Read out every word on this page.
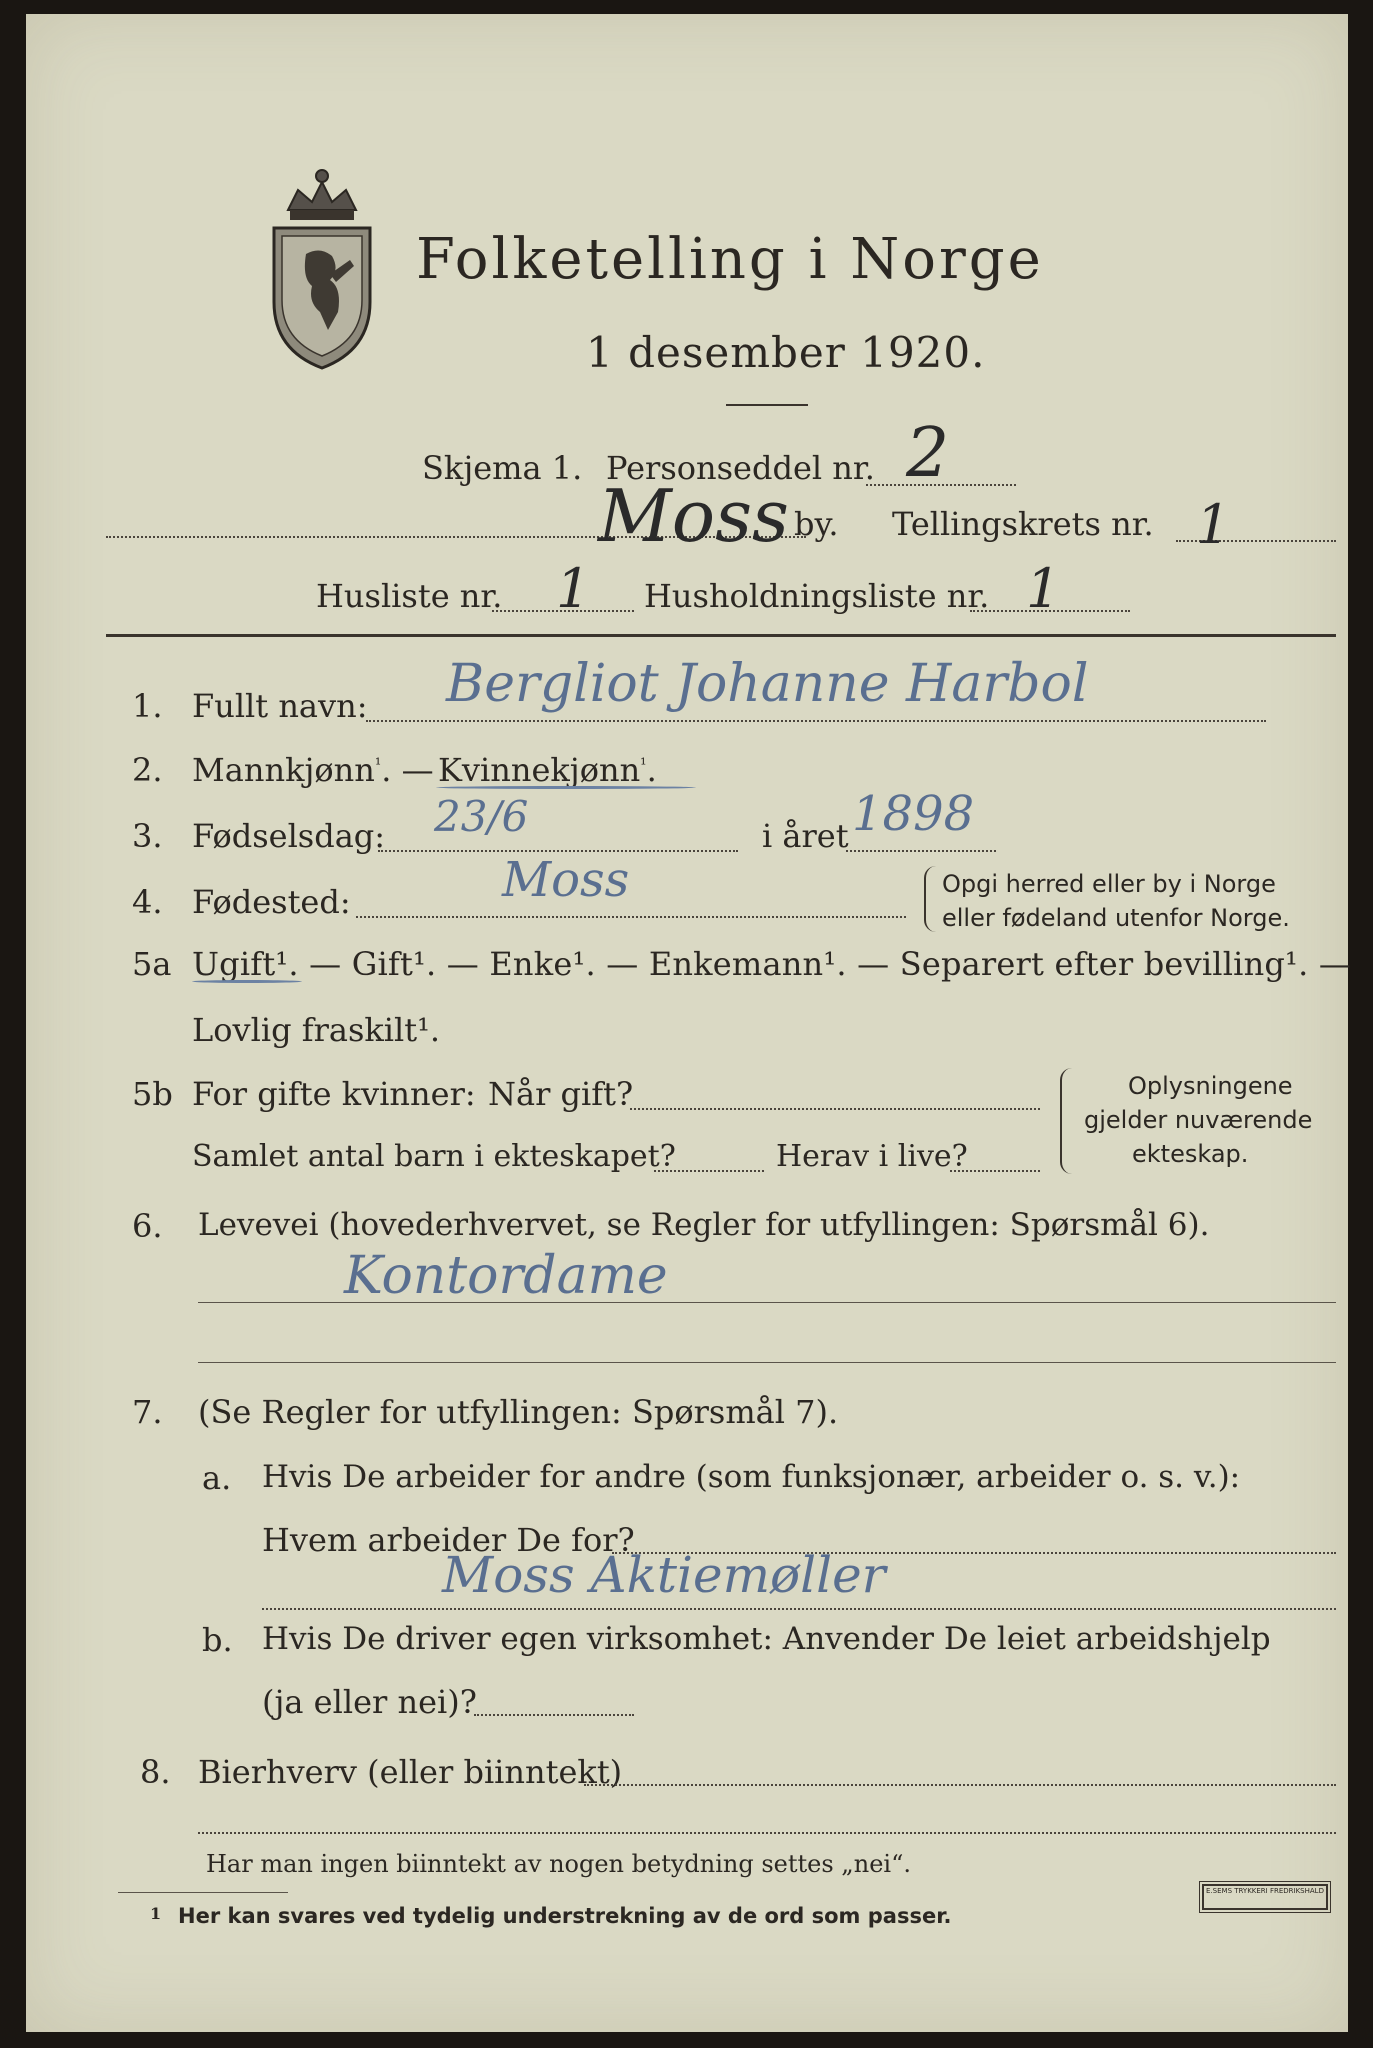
Folketelling i Norge
1 desember 1920.
Skjema 1. Personseddel nr. 2
Moss by. Tellingskrets nr. 1
Husliste nr. 1 Husholdningsliste nr. 1
1. Fullt navn: Bergliot Johanne Harbol
2. Mannkjønn$^{^1}$. — Kvinnekjønn$^{^1}$.
3. Fødselsdag: 23/6	i året 1898
4. Fødested:	Moss	Opgi herred eller by i Norge
eller fødeland utenfor Norge.
5a Ugift¹. — Gift¹. — Enke¹. — Enkemann¹. — Separert efter bevilling¹. —
Lovlig fraskilt¹.
5b For gifte kvinner: Når gift?
Samlet antal barn i ekteskapet?	Herav i live?
Oplysningene
gjelder nuværende
ekteskap.
6. Levevei (hovederhvervet, se Regler for utfyllingen: Spørsmål 6).
Kontordame
7. (Se Regler for utfyllingen: Spørsmål 7).
a. Hvis De arbeider for andre (som funksjonær, arbeider o. s. v.):
Hvem arbeider De for?
Moss Aktiemøller
b. Hvis De driver egen virksomhet: Anvender De leiet arbeidshjelp
(ja eller nei)?
8. Bierhverv (eller biinntekt)
Har man ingen biinntekt av nogen betydning settes „nei“.
1 Her kan svares ved tydelig understrekning av de ord som passer.
E.SEMS TRYKKERI FREDRIKSHALD
